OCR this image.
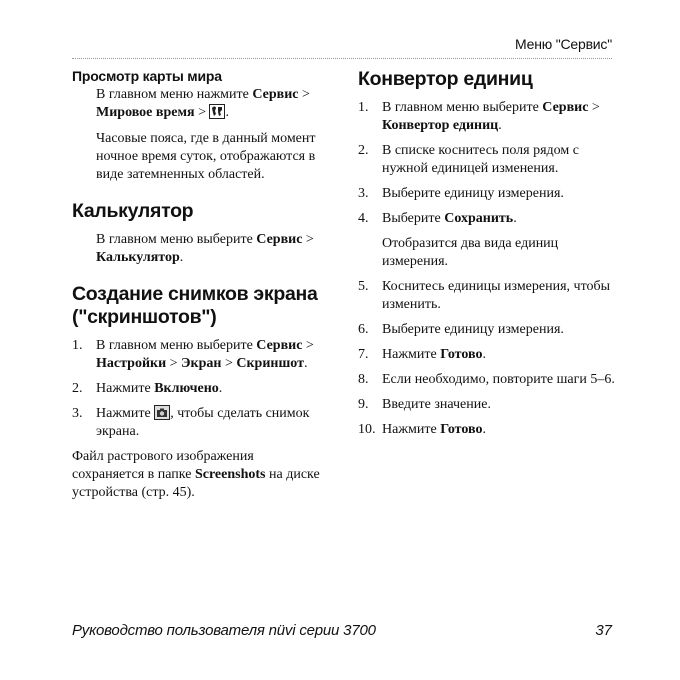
Меню "Сервис"
Просмотр карты мира

В главном меню нажмите Сервис > Мировое время >
.

Часовые пояса, где в данный момент ночное время суток, отображаются в виде затемненных областей.

Калькулятор

В главном меню выберите Сервис > Калькулятор.

Создание снимков экрана
("скриншотов")
1. В главном меню выберите Сервис > Настройки > Экран > Скриншот.
2. Нажмите Включено.
3. Нажмите
, чтобы сделать снимок экрана.

Файл растрового изображения сохраняется в папке Screenshots на диске устройства (стр. 45).

Конвертор единиц
1. В главном меню выберите Сервис > Конвертор единиц.
2. В списке коснитесь поля рядом с нужной единицей изменения.
3. Выберите единицу измерения.
4. Выберите Сохранить.

Отобразится два вида единиц измерения.

5. Коснитесь единицы измерения, чтобы изменить.
6. Выберите единицу измерения.
7. Нажмите Готово.
8. Если необходимо, повторите шаги 5–6.
9. Введите значение.
10. Нажмите Готово.
Руководство пользователя nüvi серии 3700	37
